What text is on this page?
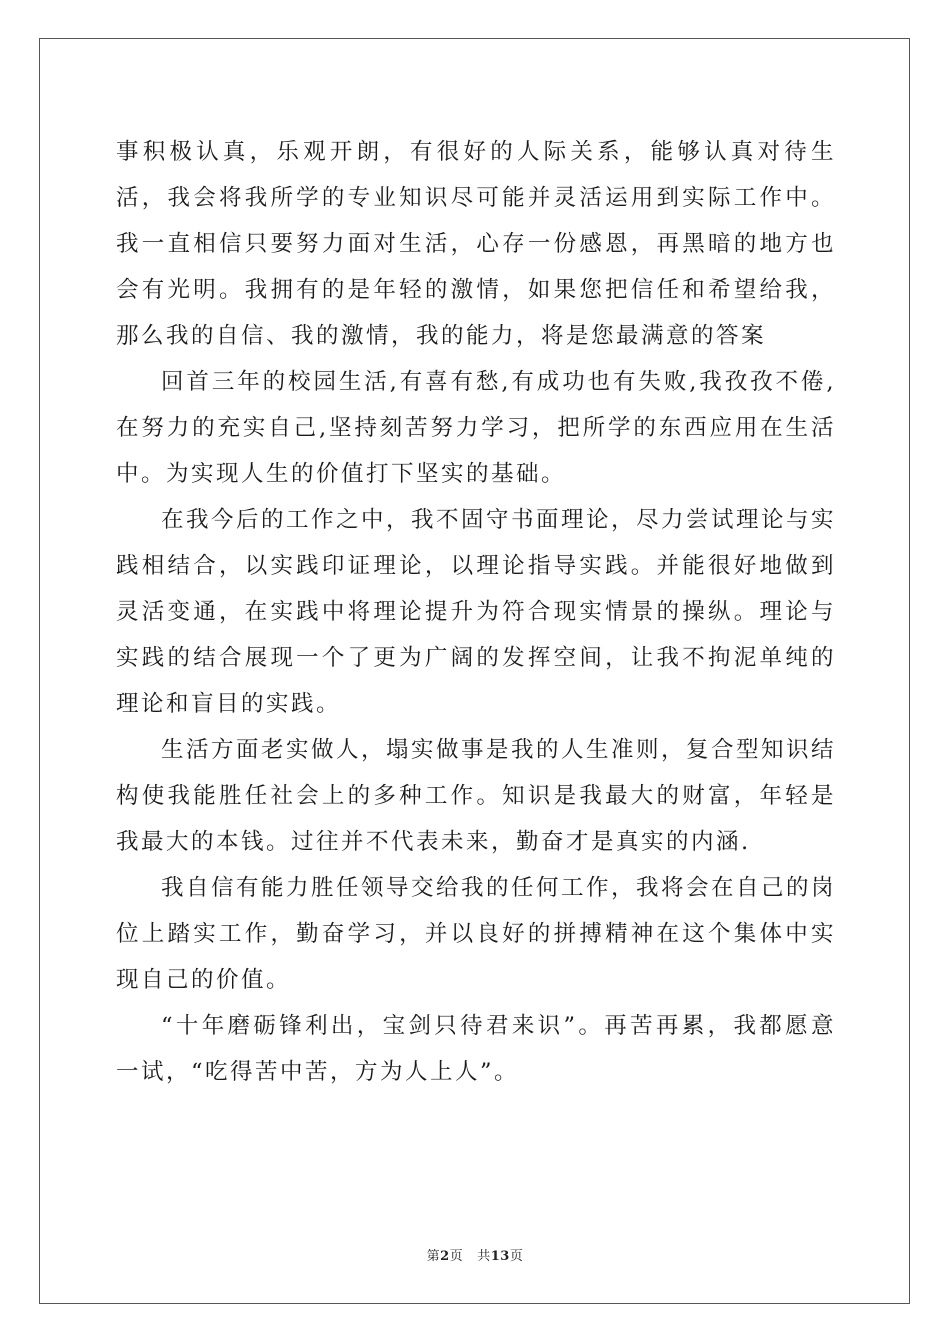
事积极认真，乐观开朗，有很好的人际关系，能够认真对待生活，我会将我所学的专业知识尽可能并灵活运用到实际工作中。我一直相信只要努力面对生活，心存一份感恩，再黑暗的地方也会有光明。我拥有的是年轻的激情，如果您把信任和希望给我，那么我的自信、我的激情，我的能力，将是您最满意的答案

回首三年的校园生活,有喜有愁,有成功也有失败,我孜孜不倦,在努力的充实自己,坚持刻苦努力学习，把所学的东西应用在生活中。为实现人生的价值打下坚实的基础。

在我今后的工作之中，我不固守书面理论，尽力尝试理论与实践相结合，以实践印证理论，以理论指导实践。并能很好地做到灵活变通，在实践中将理论提升为符合现实情景的操纵。理论与实践的结合展现一个了更为广阔的发挥空间，让我不拘泥单纯的理论和盲目的实践。

生活方面老实做人，塌实做事是我的人生准则，复合型知识结构使我能胜任社会上的多种工作。知识是我最大的财富，年轻是我最大的本钱。过往并不代表未来，勤奋才是真实的内涵.

我自信有能力胜任领导交给我的任何工作，我将会在自己的岗位上踏实工作，勤奋学习，并以良好的拼搏精神在这个集体中实现自己的价值。

“十年磨砺锋利出，宝剑只待君来识”。再苦再累，我都愿意一试，“吃得苦中苦，方为人上人”。

第2页 共13页
